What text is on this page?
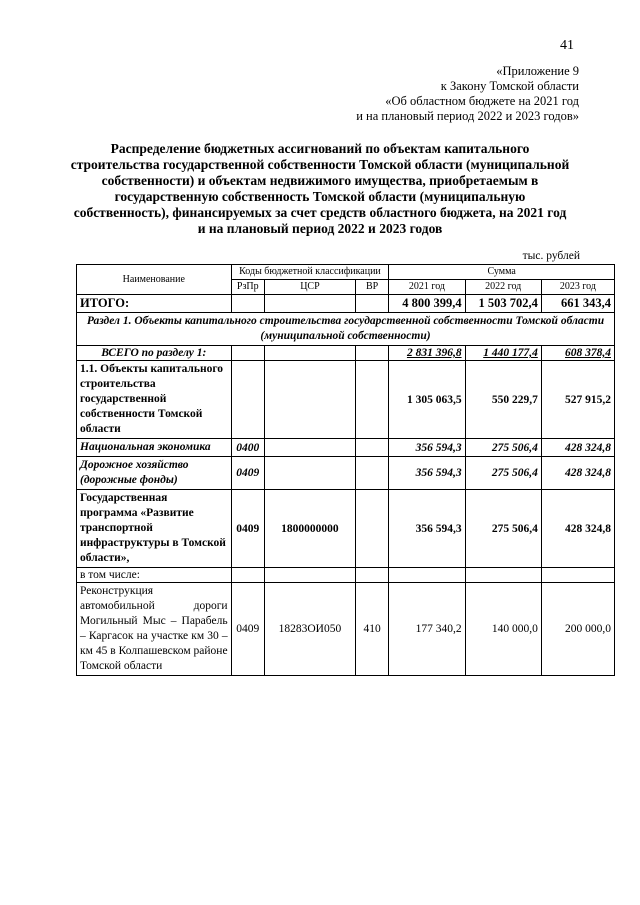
41
«Приложение 9
к Закону Томской области
«Об областном бюджете на 2021 год
и на плановый период 2022 и 2023 годов»
Распределение бюджетных ассигнований по объектам капитального строительства государственной собственности Томской области (муниципальной собственности) и объектам недвижимого имущества, приобретаемым в государственную собственность Томской области (муниципальную собственность), финансируемых за счет средств областного бюджета, на 2021 год и на плановый период 2022 и 2023 годов
тыс. рублей
Наименование	Коды бюджетной классификации			Сумма		
	РзПр	ЦСР	ВР	2021 год	2022 год	2023 год
ИТОГО:				4 800 399,4	1 503 702,4	661 343,4
Раздел 1. Объекты капитального строительства государственной собственности Томской области (муниципальной собственности)						
ВСЕГО по разделу 1:				2 831 396,8	1 440 177,4	608 378,4
1.1. Объекты капитального строительства государственной собственности Томской области				1 305 063,5	550 229,7	527 915,2
Национальная экономика	0400			356 594,3	275 506,4	428 324,8
Дорожное хозяйство (дорожные фонды)	0409			356 594,3	275 506,4	428 324,8
Государственная программа «Развитие транспортной инфраструктуры в Томской области»,	0409	1800000000		356 594,3	275 506,4	428 324,8
в том числе:						
Реконструкция автомобильной дороги Могильный Мыс – Парабель – Каргасок на участке км 30 – км 45 в Колпашевском районе Томской области	0409	18283ОИ050	410	177 340,2	140 000,0	200 000,0
